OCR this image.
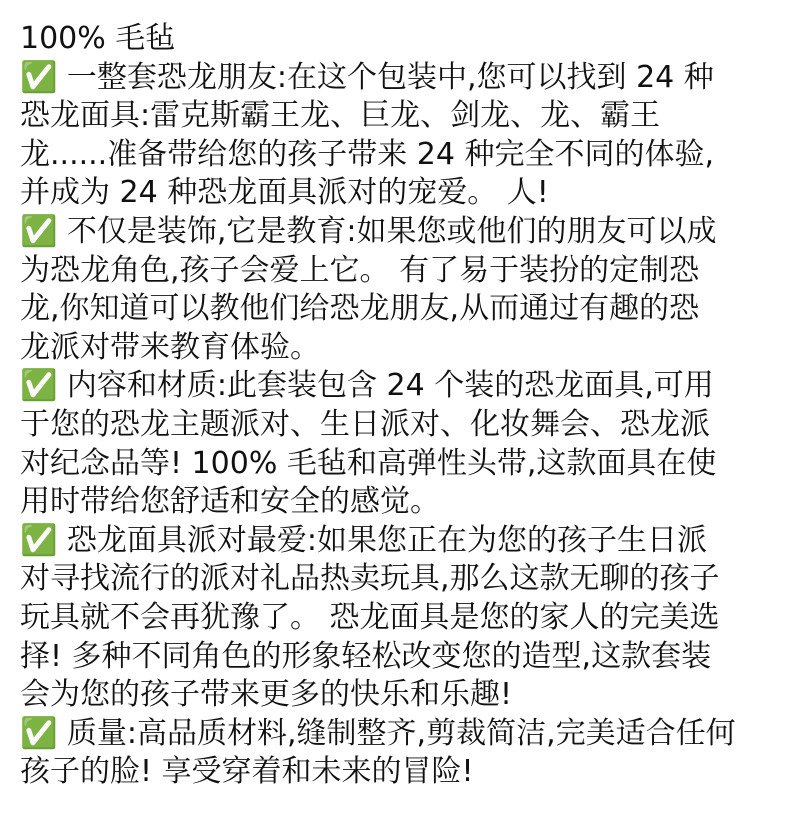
100% 毛毡
✅ 一整套恐龙朋友:在这个包装中,您可以找到 24 种
恐龙面具:雷克斯霸王龙、巨龙、剑龙、龙、霸王
龙......准备带给您的孩子带来 24 种完全不同的体验,
并成为 24 种恐龙面具派对的宠爱。 人!
✅ 不仅是装饰,它是教育:如果您或他们的朋友可以成
为恐龙角色,孩子会爱上它。 有了易于装扮的定制恐
龙,你知道可以教他们给恐龙朋友,从而通过有趣的恐
龙派对带来教育体验。
✅ 内容和材质:此套装包含 24 个装的恐龙面具,可用
于您的恐龙主题派对、生日派对、化妆舞会、恐龙派
对纪念品等! 100% 毛毡和高弹性头带,这款面具在使
用时带给您舒适和安全的感觉。
✅ 恐龙面具派对最爱:如果您正在为您的孩子生日派
对寻找流行的派对礼品热卖玩具,那么这款无聊的孩子
玩具就不会再犹豫了。 恐龙面具是您的家人的完美选
择! 多种不同角色的形象轻松改变您的造型,这款套装
会为您的孩子带来更多的快乐和乐趣!
✅ 质量:高品质材料,缝制整齐,剪裁简洁,完美适合任何
孩子的脸! 享受穿着和未来的冒险!
